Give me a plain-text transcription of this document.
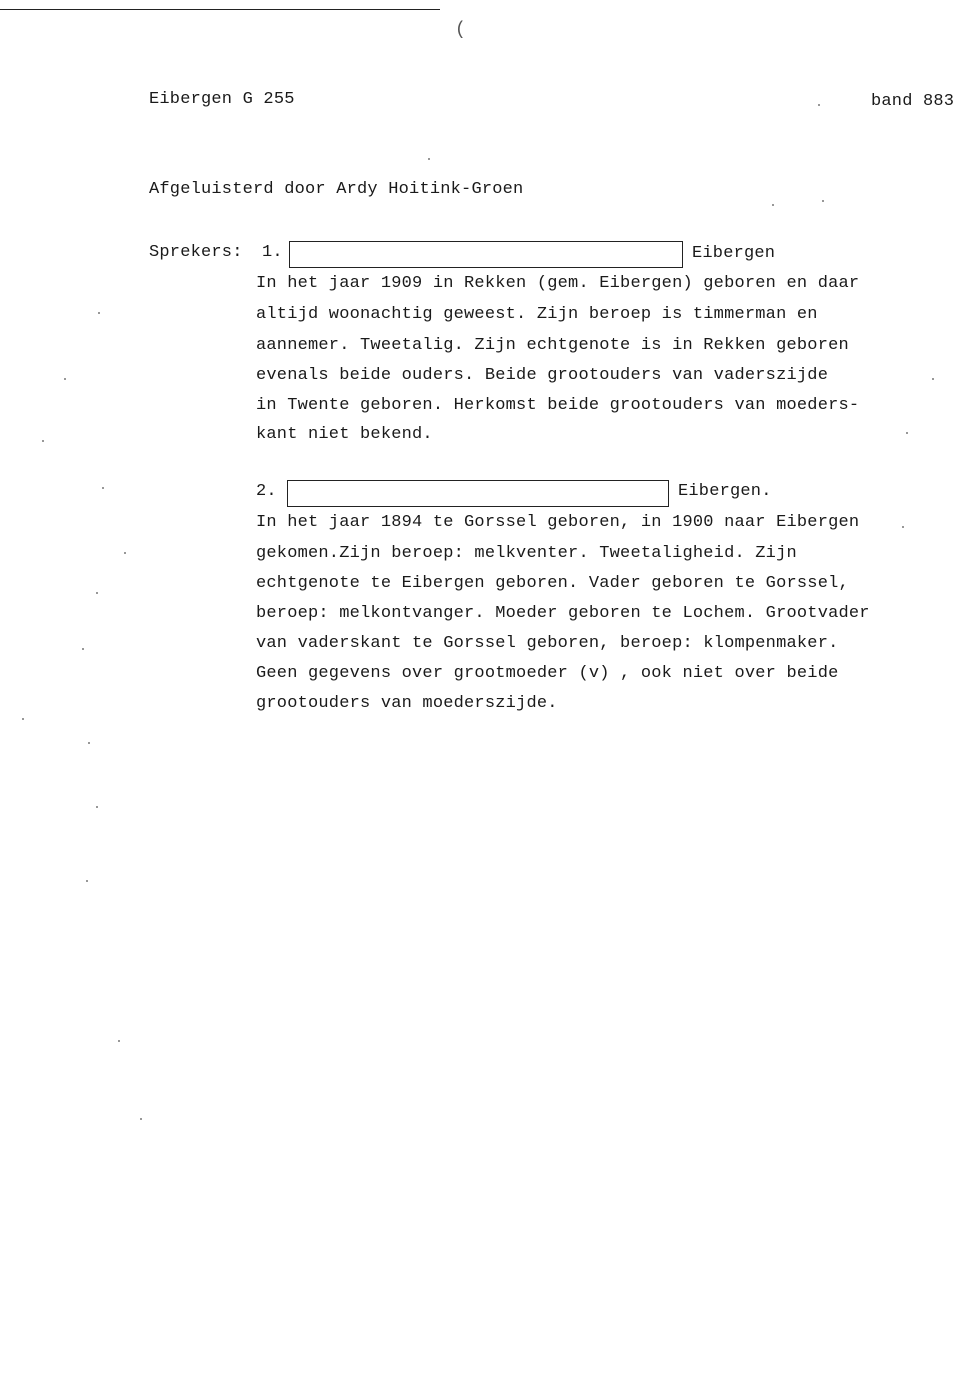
(
Eibergen G 255	band 883
Afgeluisterd door Ardy Hoitink-Groen
Sprekers: 1.	Eibergen
In het jaar 1909 in Rekken (gem. Eibergen) geboren en daar
altijd woonachtig geweest. Zijn beroep is timmerman en
aannemer. Tweetalig. Zijn echtgenote is in Rekken geboren
evenals beide ouders. Beide grootouders van vaderszijde
in Twente geboren. Herkomst beide grootouders van moeders-
kant niet bekend.
2.	Eibergen.
In het jaar 1894 te Gorssel geboren, in 1900 naar Eibergen
gekomen.Zijn beroep: melkventer. Tweetaligheid. Zijn
echtgenote te Eibergen geboren. Vader geboren te Gorssel,
beroep: melkontvanger. Moeder geboren te Lochem. Grootvader
van vaderskant te Gorssel geboren, beroep: klompenmaker.
Geen gegevens over grootmoeder (v) , ook niet over beide
grootouders van moederszijde.
